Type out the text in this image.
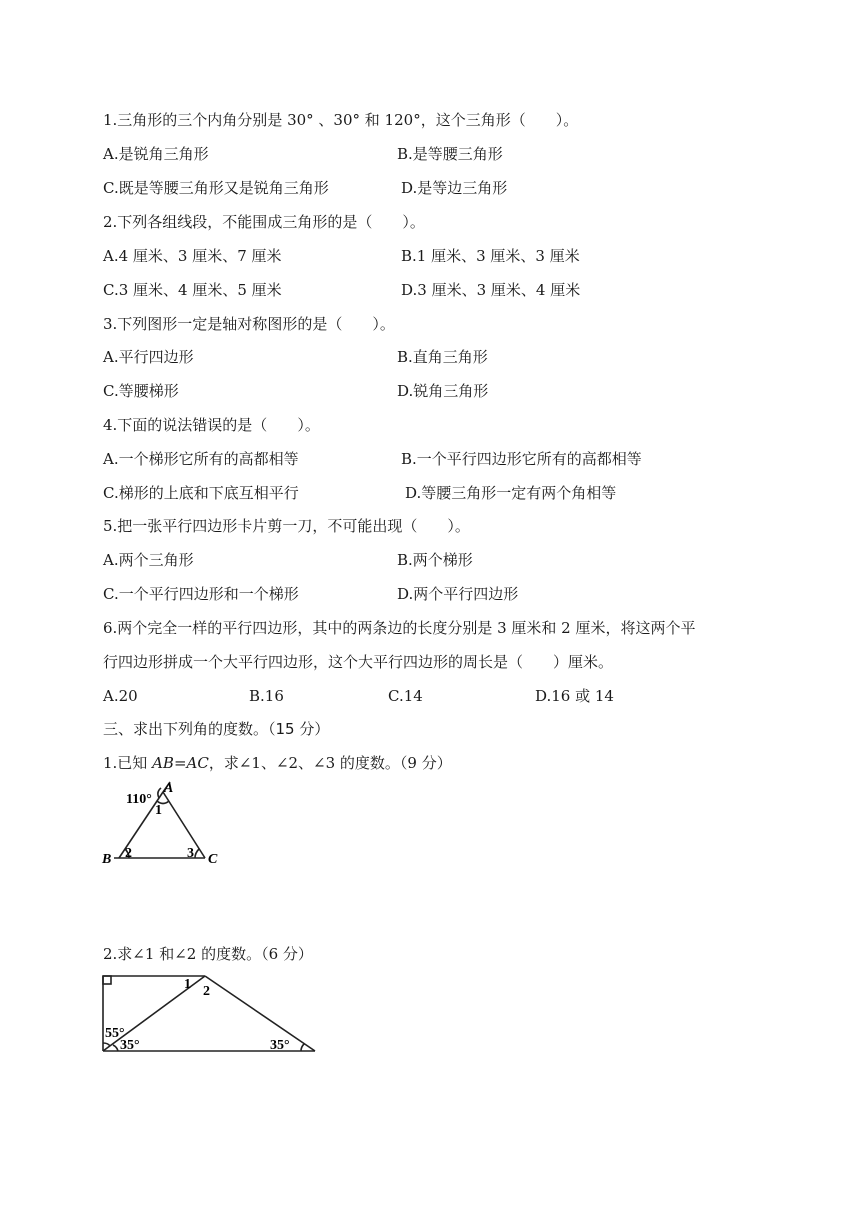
1.三角形的三个内角分别是 30° 、30° 和 120°，这个三角形（　　）。
A.是锐角三角形	B.是等腰三角形
C.既是等腰三角形又是锐角三角形	D.是等边三角形
2.下列各组线段，不能围成三角形的是（　　）。
A.4 厘米、3 厘米、7 厘米	B.1 厘米、3 厘米、3 厘米
C.3 厘米、4 厘米、5 厘米	D.3 厘米、3 厘米、4 厘米
3.下列图形一定是轴对称图形的是（　　）。
A.平行四边形	B.直角三角形
C.等腰梯形	D.锐角三角形
4.下面的说法错误的是（　　）。
A.一个梯形它所有的高都相等	B.一个平行四边形它所有的高都相等
C.梯形的上底和下底互相平行	D.等腰三角形一定有两个角相等
5.把一张平行四边形卡片剪一刀，不可能出现（　　）。
A.两个三角形	B.两个梯形
C.一个平行四边形和一个梯形	D.两个平行四边形
6.两个完全一样的平行四边形，其中的两条边的长度分别是 3 厘米和 2 厘米，将这两个平
行四边形拼成一个大平行四边形，这个大平行四边形的周长是（　　）厘米。
A.20	B.16	C.14	D.16 或 14
三、求出下列角的度数。（15 分）
1.已知 AB=AC，求∠1、∠2、∠3 的度数。（9 分）
110°
A
1
B 2	3 C
1 2
55°
35°	35°
2.求∠1 和∠2 的度数。（6 分）
